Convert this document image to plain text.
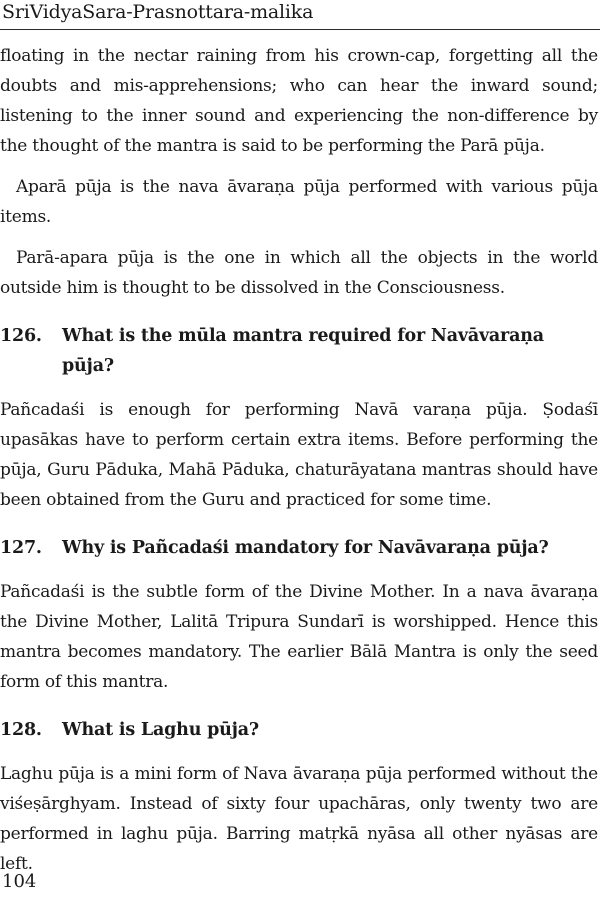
SriVidyaSara-Prasnottara-malika

floating in the nectar raining from his crown-cap, forgetting all the doubts and mis-apprehensions; who can hear the inward sound; listening to the inner sound and experiencing the non-difference by the thought of the mantra is said to be performing the Parā pūja.

Aparā pūja is the nava āvaraṇa pūja performed with various pūja items.

Parā-apara pūja is the one in which all the objects in the world outside him is thought to be dissolved in the Consciousness.

126.	What is the mūla mantra required for Navāvaraṇa pūja?

Pañcadaśi is enough for performing Navā varaṇa pūja. Ṣodaśī upasākas have to perform certain extra items. Before performing the pūja, Guru Pāduka, Mahā Pāduka, chaturāyatana mantras should have been obtained from the Guru and practiced for some time.

127.	Why is Pañcadaśi mandatory for Navāvaraṇa pūja?

Pañcadaśi is the subtle form of the Divine Mother. In a nava āvaraṇa the Divine Mother, Lalitā Tripura Sundarī is worshipped. Hence this mantra becomes mandatory. The earlier Bālā Mantra is only the seed form of this mantra.

128.	What is Laghu pūja?

Laghu pūja is a mini form of Nava āvaraṇa pūja performed without the viśeṣārghyam. Instead of sixty four upachāras, only twenty two are performed in laghu pūja. Barring matṛkā nyāsa all other nyāsas are left.

104
